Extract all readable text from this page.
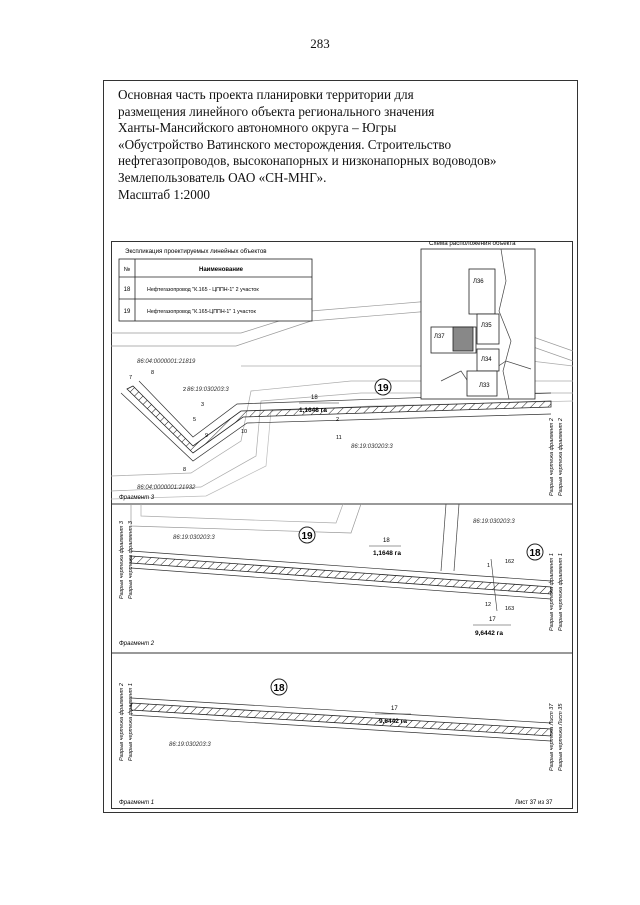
283
Основная часть проекта планировки территории для
размещения линейного объекта регионального значения
Ханты-Мансийского автономного округа – Югры
«Обустройство Ватинского месторождения. Строительство
нефтегазопроводов, высоконапорных и низконапорных водоводов»
Землепользователь ОАО «СН-МНГ».
Масштаб 1:2000
86:04:0000001:21819
86:19:030203:3
86:04:0000001:21932
86:19:030203:3
19
18
1,1648 га
7
8
2
3
5
9
10
11
2
8
Фрагмент 3
Разрыв чертежа фрагмент 2 Разрыв чертежа фрагмент 2
Экспликация проектируемых линейных объектов
№	Наименование
18	Нефтегазопровод "К.165 - ЦППН-1" 2 участок
19	Нефтегазопровод "К.165-ЦППН-1" 1 участок
Схема расположения объекта
Л36
Л35
Л37
Л34
Л33
86:19:030203:3
86:19:030203:3
19	18
1,1648 га	18
17
9,6442 га
1
162
12
163
Фрагмент 2
Разрыв чертежа фрагмент 3 Разрыв чертежа фрагмент 3	Разрыв чертежа фрагмент 1 Разрыв чертежа фрагмент 1
86:19:030203:3
18
17
9,6442 га
Фрагмент 1	Лист 37 из 37
Разрыв чертежа фрагмент 2 Разрыв чертежа фрагмент 1	Разрыв чертежа Лист 37 Разрыв чертежа Лист 35
